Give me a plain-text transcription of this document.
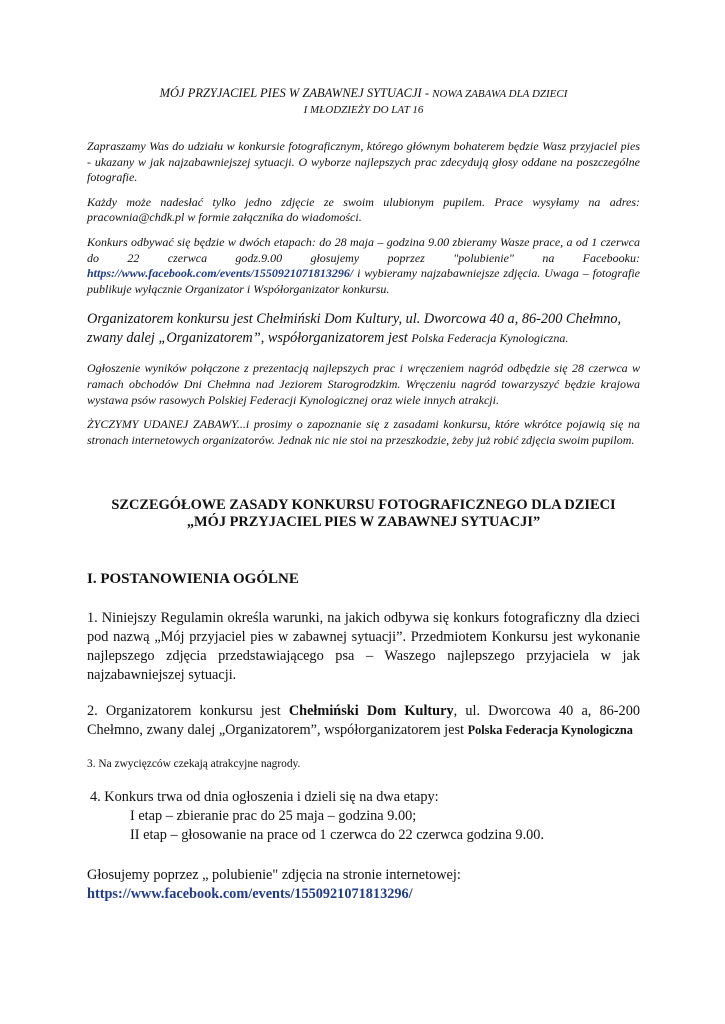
MÓJ PRZYJACIEL PIES W ZABAWNEJ SYTUACJI - NOWA ZABAWA DLA DZIECI
I MŁODZIEŻY DO LAT 16

Zapraszamy Was do udziału w konkursie fotograficznym, którego głównym bohaterem będzie Wasz przyjaciel pies - ukazany w jak najzabawniejszej sytuacji. O wyborze najlepszych prac zdecydują głosy oddane na poszczególne fotografie.

Każdy może nadesłać tylko jedno zdjęcie ze swoim ulubionym pupilem. Prace wysyłamy na adres: pracownia@chdk.pl w formie załącznika do wiadomości.

Konkurs odbywać się będzie w dwóch etapach: do 28 maja – godzina 9.00 zbieramy Wasze prace, a od 1 czerwca do 22 czerwca godz.9.00 głosujemy poprzez "polubienie" na Facebooku: https://www.facebook.com/events/1550921071813296/ i wybieramy najzabawniejsze zdjęcia. Uwaga – fotografie publikuje wyłącznie Organizator i Współorganizator konkursu.

Organizatorem konkursu jest Chełmiński Dom Kultury, ul. Dworcowa 40 a, 86-200 Chełmno, zwany dalej „Organizatorem”, współorganizatorem jest Polska Federacja Kynologiczna.

Ogłoszenie wyników połączone z prezentacją najlepszych prac i wręczeniem nagród odbędzie się 28 czerwca w ramach obchodów Dni Chełmna nad Jeziorem Starogrodzkim. Wręczeniu nagród towarzyszyć będzie krajowa wystawa psów rasowych Polskiej Federacji Kynologicznej oraz wiele innych atrakcji.

ŻYCZYMY UDANEJ ZABAWY...i prosimy o zapoznanie się z zasadami konkursu, które wkrótce pojawią się na stronach internetowych organizatorów. Jednak nic nie stoi na przeszkodzie, żeby już robić zdjęcia swoim pupilom.

SZCZEGÓŁOWE ZASADY KONKURSU FOTOGRAFICZNEGO DLA DZIECI
„MÓJ PRZYJACIEL PIES W ZABAWNEJ SYTUACJI”
I. POSTANOWIENIA OGÓLNE

1. Niniejszy Regulamin określa warunki, na jakich odbywa się konkurs fotograficzny dla dzieci pod nazwą „Mój przyjaciel pies w zabawnej sytuacji”. Przedmiotem Konkursu jest wykonanie najlepszego zdjęcia przedstawiającego psa – Waszego najlepszego przyjaciela w jak najzabawniejszej sytuacji.

2. Organizatorem konkursu jest Chełmiński Dom Kultury, ul. Dworcowa 40 a, 86-200 Chełmno, zwany dalej „Organizatorem”, współorganizatorem jest Polska Federacja Kynologiczna

3. Na zwycięzców czekają atrakcyjne nagrody.

4. Konkurs trwa od dnia ogłoszenia i dzieli się na dwa etapy:
I etap – zbieranie prac do 25 maja – godzina 9.00;
II etap – głosowanie na prace od 1 czerwca do 22 czerwca godzina 9.00.
Głosujemy poprzez „ polubienie" zdjęcia na stronie internetowej:
https://www.facebook.com/events/1550921071813296/
